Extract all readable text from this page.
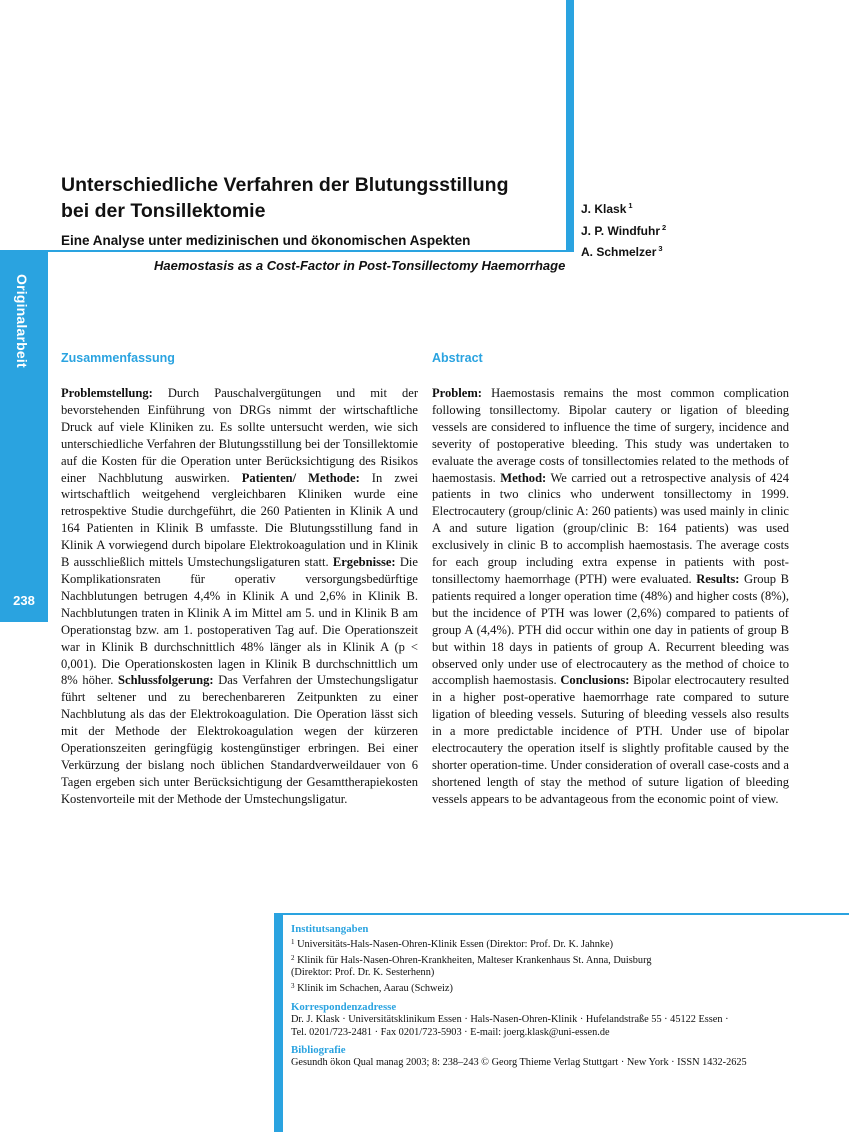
Originalarbeit
238
Unterschiedliche Verfahren der Blutungsstillung
bei der Tonsillektomie
Eine Analyse unter medizinischen und ökonomischen Aspekten
J. Klask $^1$
J. P. Windfuhr $^2$
A. Schmelzer $^3$
Haemostasis as a Cost-Factor in Post-Tonsillectomy Haemorrhage
Zusammenfassung

Problemstellung: Durch Pauschalvergütungen und mit der bevorstehenden Einführung von DRGs nimmt der wirtschaftliche Druck auf viele Kliniken zu. Es sollte untersucht werden, wie sich unterschiedliche Verfahren der Blutungsstillung bei der Tonsillektomie auf die Kosten für die Operation unter Berücksichtigung des Risikos einer Nachblutung auswirken. Patienten/ Methode: In zwei wirtschaftlich weitgehend vergleichbaren Kliniken wurde eine retrospektive Studie durchgeführt, die 260 Patienten in Klinik A und 164 Patienten in Klinik B umfasste. Die Blutungsstillung fand in Klinik A vorwiegend durch bipolare Elektrokoagulation und in Klinik B ausschließlich mittels Umstechungsligaturen statt. Ergebnisse: Die Komplikationsraten für operativ versorgungsbedürftige Nachblutungen betrugen 4,4% in Klinik A und 2,6% in Klinik B. Nachblutungen traten in Klinik A im Mittel am 5. und in Klinik B am Operationstag bzw. am 1. postoperativen Tag auf. Die Operationszeit war in Klinik B durchschnittlich 48% länger als in Klinik A (p < 0,001). Die Operationskosten lagen in Klinik B durchschnittlich um 8% höher. Schlussfolgerung: Das Verfahren der Umstechungsligatur führt seltener und zu berechenbareren Zeitpunkten zu einer Nachblutung als das der Elektrokoagulation. Die Operation lässt sich mit der Methode der Elektrokoagulation wegen der kürzeren Operationszeiten geringfügig kostengünstiger erbringen. Bei einer Verkürzung der bislang noch üblichen Standardverweildauer von 6 Tagen ergeben sich unter Berücksichtigung der Gesamttherapiekosten Kostenvorteile mit der Methode der Umstechungsligatur.

Abstract

Problem: Haemostasis remains the most common complication following tonsillectomy. Bipolar cautery or ligation of bleeding vessels are considered to influence the time of surgery, incidence and severity of postoperative bleeding. This study was undertaken to evaluate the average costs of tonsillectomies related to the methods of haemostasis. Method: We carried out a retrospective analysis of 424 patients in two clinics who underwent tonsillectomy in 1999. Electrocautery (group/clinic A: 260 patients) was used mainly in clinic A and suture ligation (group/clinic B: 164 patients) was used exclusively in clinic B to accomplish haemostasis. The average costs for each group including extra expense in patients with post-tonsillectomy haemorrhage (PTH) were evaluated. Results: Group B patients required a longer operation time (48%) and higher costs (8%), but the incidence of PTH was lower (2,6%) compared to patients of group A (4,4%). PTH did occur within one day in patients of group B but within 18 days in patients of group A. Recurrent bleeding was observed only under use of electrocautery as the method of choice to accomplish haemostasis. Conclusions: Bipolar electrocautery resulted in a higher post-operative haemorrhage rate compared to suture ligation of bleeding vessels. Suturing of bleeding vessels also results in a more predictable incidence of PTH. Under use of bipolar electrocautery the operation itself is slightly profitable caused by the shorter operation-time. Under consideration of overall case-costs and a shortened length of stay the method of suture ligation of bleeding vessels appears to be advantageous from the economic point of view.

Institutsangaben
$^1$ Universitäts-Hals-Nasen-Ohren-Klinik Essen (Direktor: Prof. Dr. K. Jahnke)
$^2$ Klinik für Hals-Nasen-Ohren-Krankheiten, Malteser Krankenhaus St. Anna, Duisburg
(Direktor: Prof. Dr. K. Sesterhenn)
$^3$ Klinik im Schachen, Aarau (Schweiz)
Korrespondenzadresse
Dr. J. Klask · Universitätsklinikum Essen · Hals-Nasen-Ohren-Klinik · Hufelandstraße 55 · 45122 Essen ·
Tel. 0201/723-2481 · Fax 0201/723-5903 · E-mail: joerg.klask@uni-essen.de
Bibliografie
Gesundh ökon Qual manag 2003; 8: 238–243 © Georg Thieme Verlag Stuttgart · New York · ISSN 1432-2625
